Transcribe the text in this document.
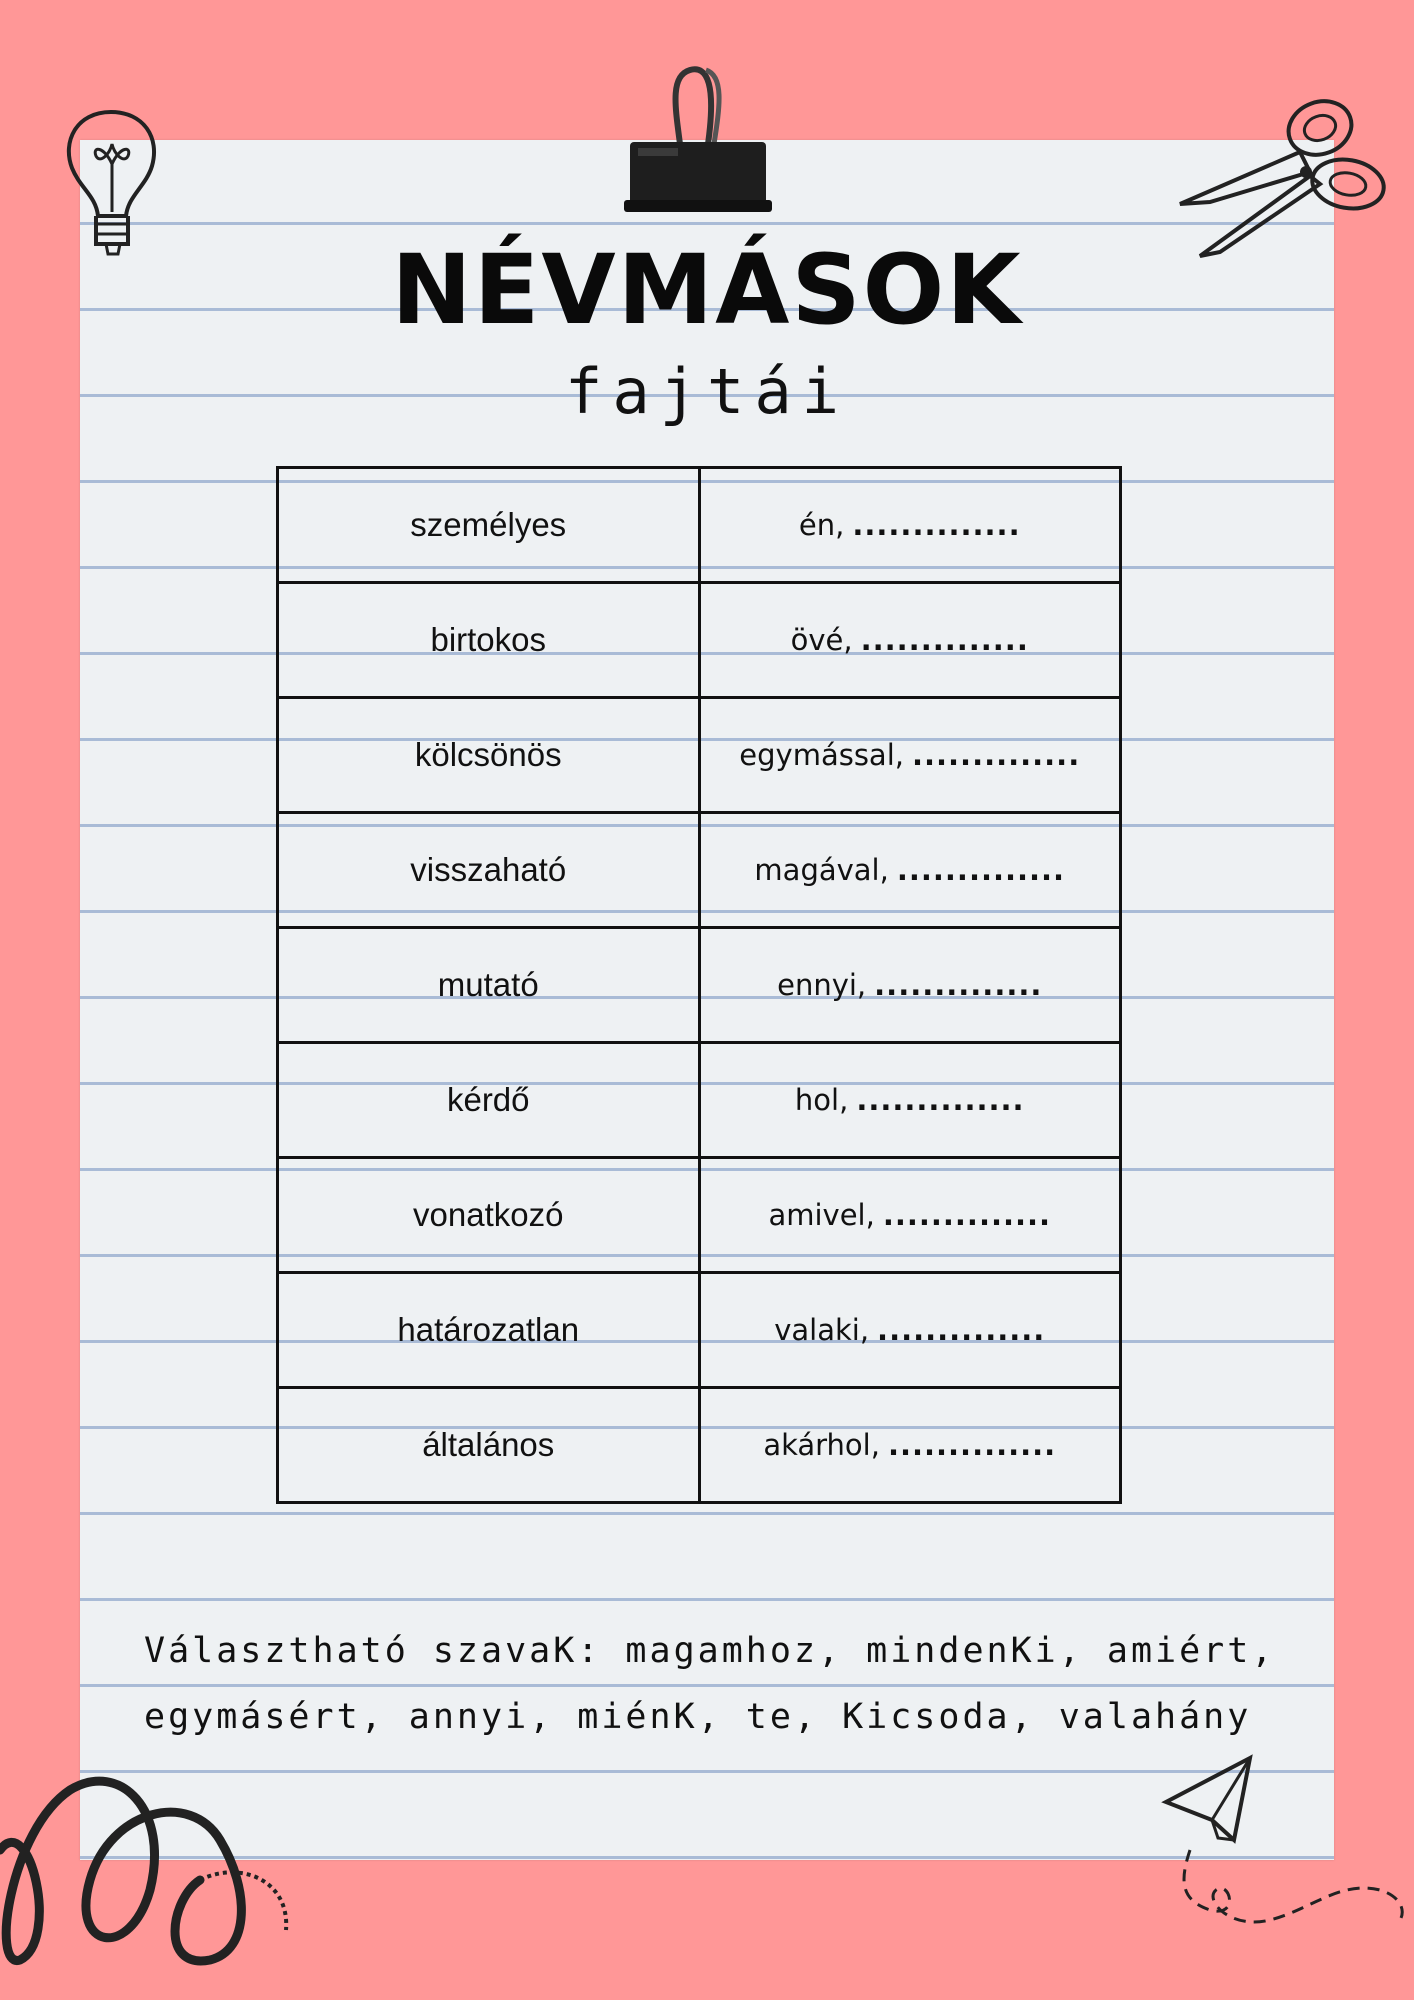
NÉVMÁSOK
fajtái
személyes	én, ..............
birtokos	övé, ..............
kölcsönös	egymással, ..............
visszaható	magával, ..............
mutató	ennyi, ..............
kérdő	hol, ..............
vonatkozó	amivel, ..............
határozatlan	valaki, ..............
általános	akárhol, ..............
Választható szavaK: magamhoz, mindenKi, amiért,
egymásért, annyi, miénK, te, Kicsoda, valahány
